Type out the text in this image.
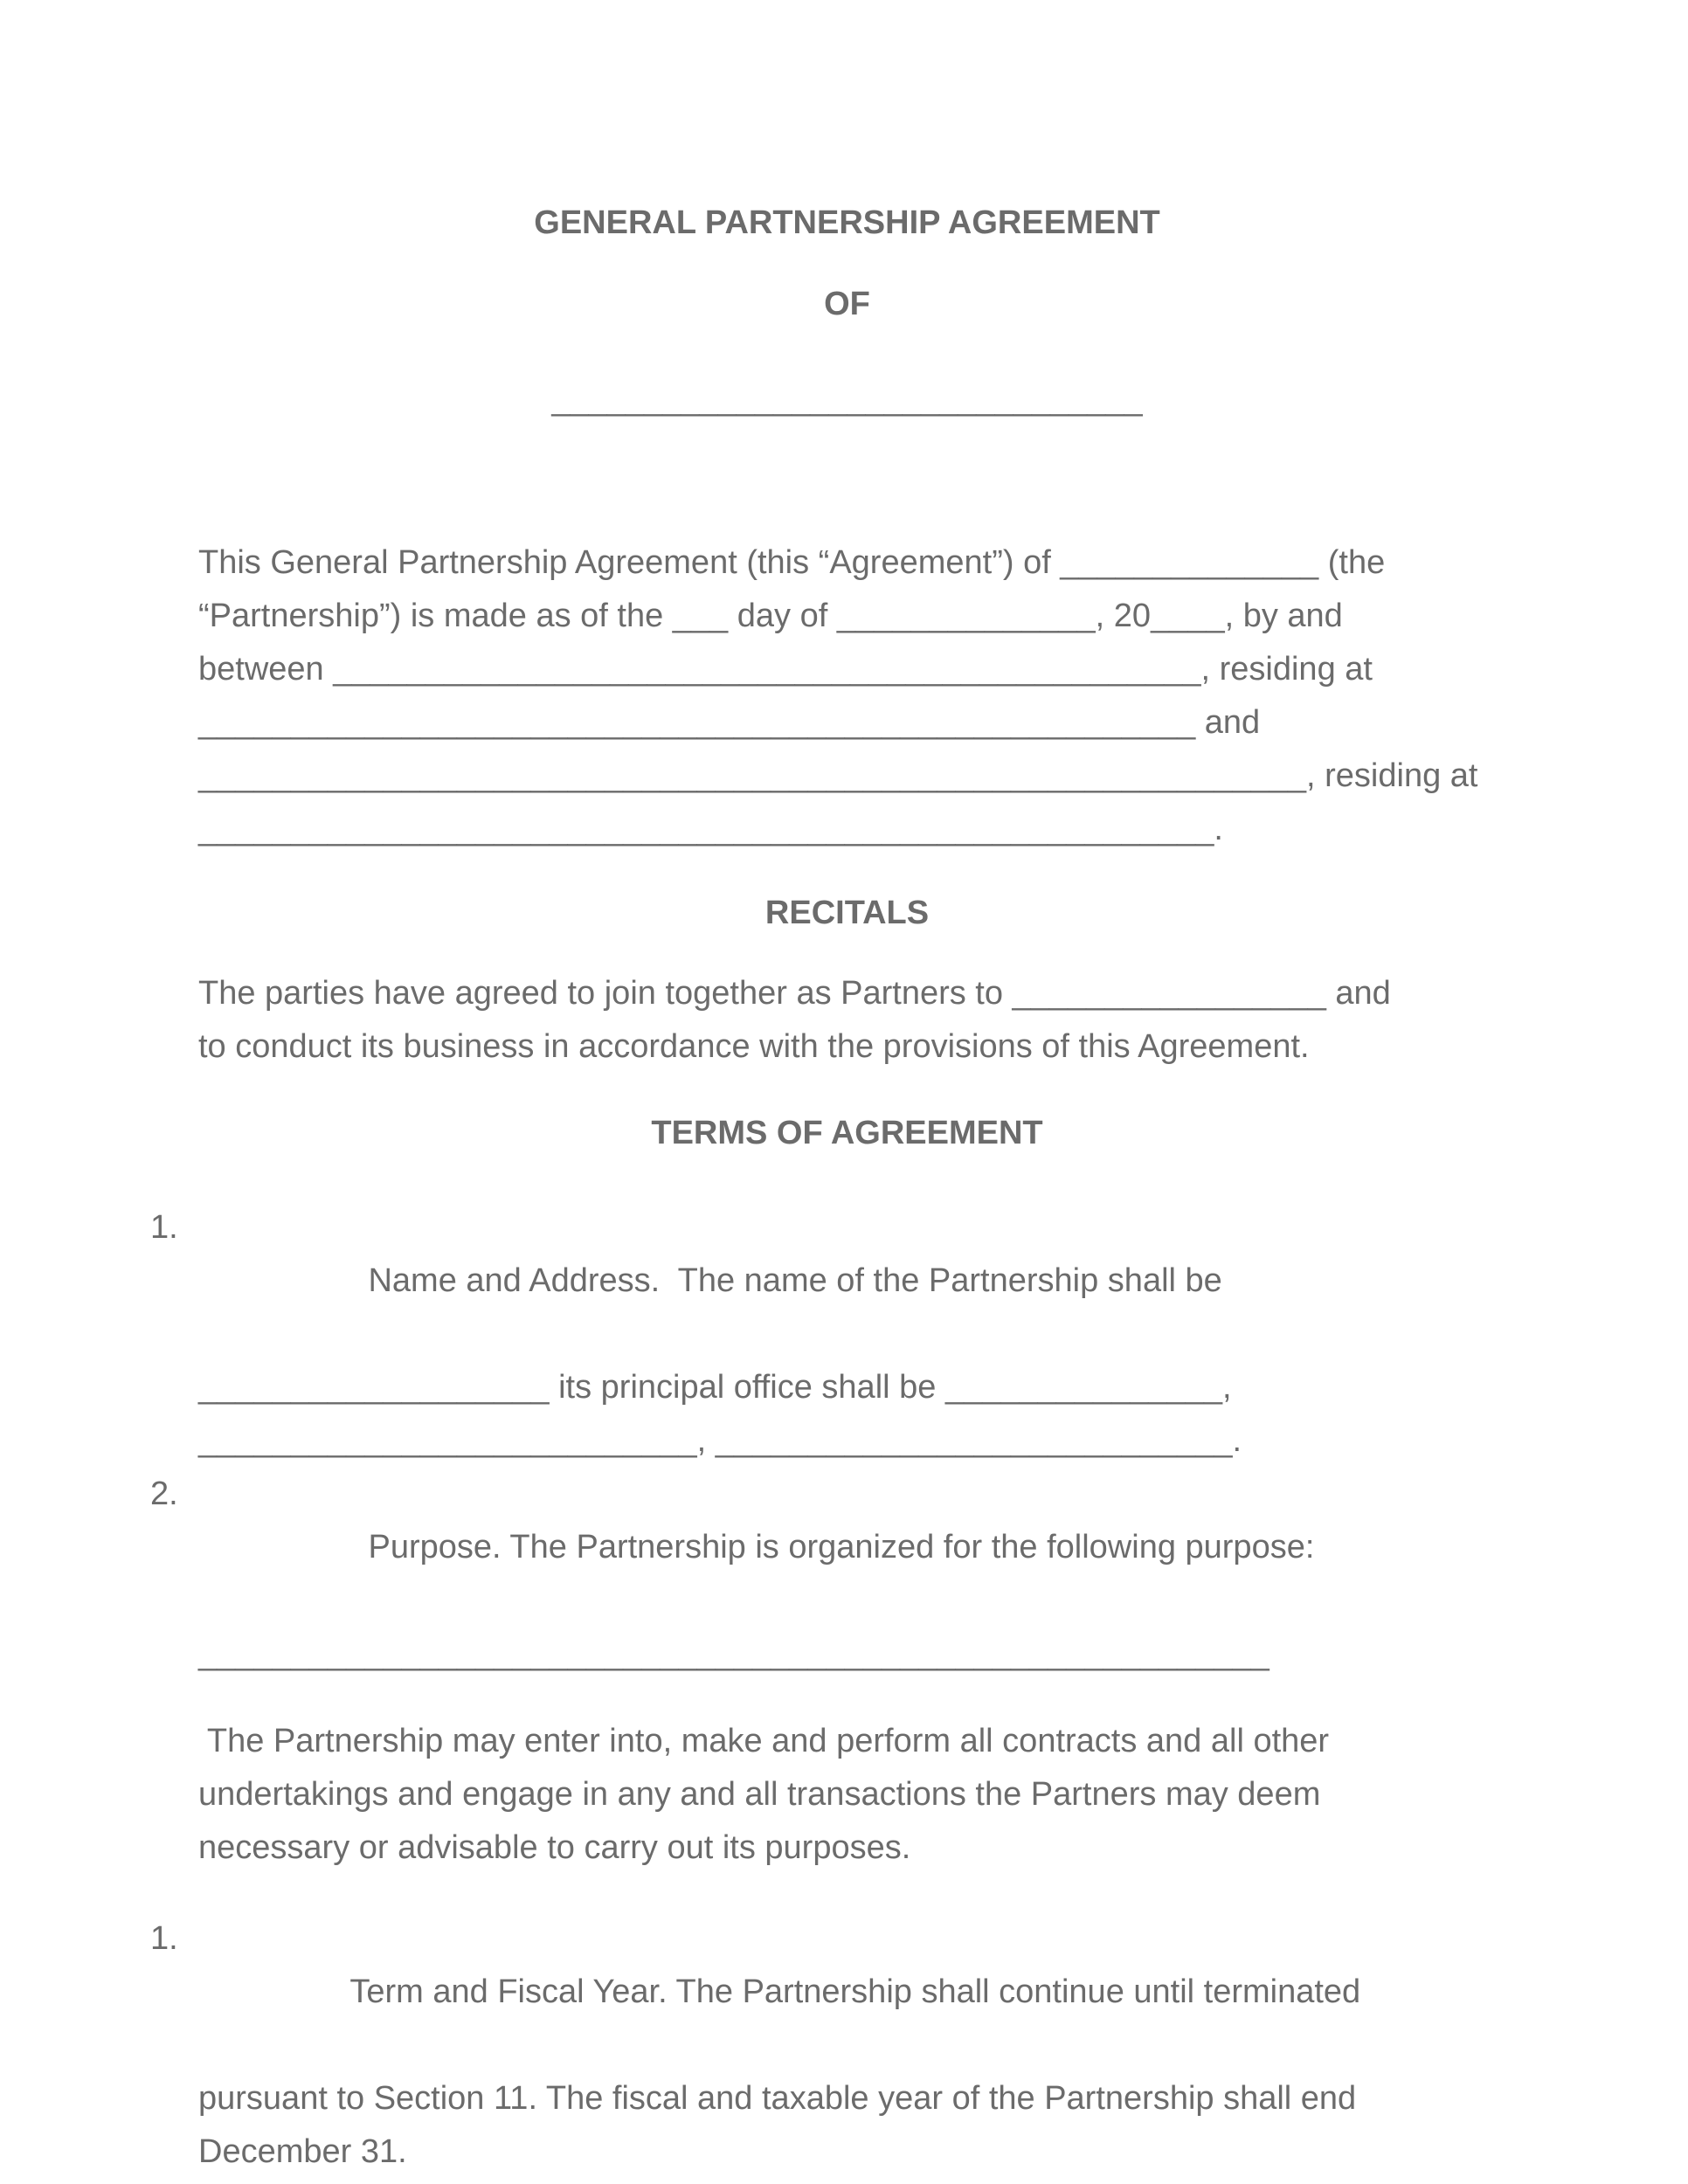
GENERAL PARTNERSHIP AGREEMENT
OF
________________________________
This General Partnership Agreement (this “Agreement”) of ______________ (the
“Partnership”) is made as of the ___ day of ______________, 20____, by and
between _______________________________________________, residing at
______________________________________________________ and
____________________________________________________________, residing at
_______________________________________________________.
RECITALS
The parties have agreed to join together as Partners to _________________ and
to conduct its business in accordance with the provisions of this Agreement.
TERMS OF AGREEMENT

1.
Name and Address.  The name of the Partnership shall be

___________________ its principal office shall be _______________,
___________________________, ____________________________.

2.
Purpose. The Partnership is organized for the following purpose:

__________________________________________________________
The Partnership may enter into, make and perform all contracts and all other
undertakings and engage in any and all transactions the Partners may deem
necessary or advisable to carry out its purposes.

1.
Term and Fiscal Year. The Partnership shall continue until terminated

pursuant to Section 11. The fiscal and taxable year of the Partnership shall end
December 31.
